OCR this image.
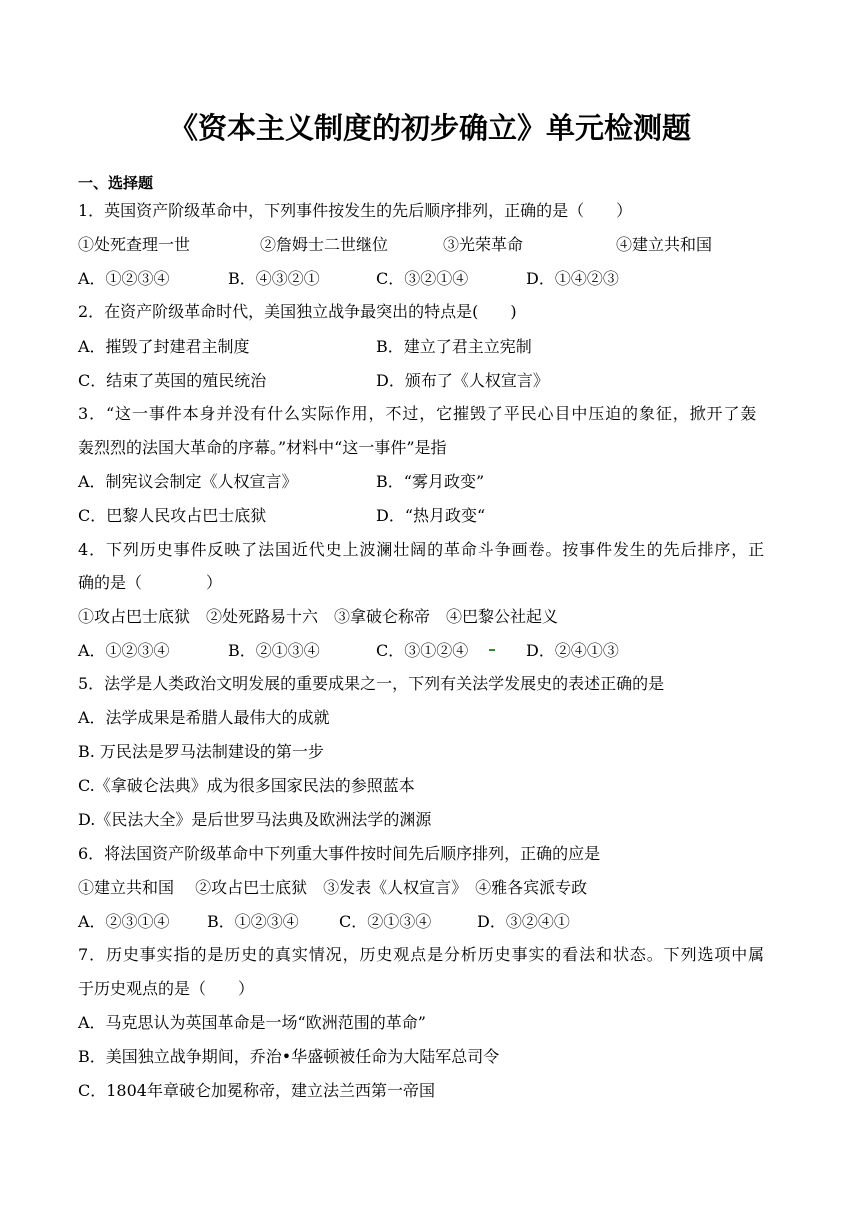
《资本主义制度的初步确立》单元检测题
一、选择题
1．英国资产阶级革命中，下列事件按发生的先后顺序排列，正确的是（　　）
①处死查理一世	②詹姆士二世继位	③光荣革命	④建立共和国
A．①②③④	B．④③②①	C．③②①④	D．①④②③
2．在资产阶级革命时代，美国独立战争最突出的特点是(　　)
A．摧毁了封建君主制度	B．建立了君主立宪制
C．结束了英国的殖民统治	D．颁布了《人权宣言》
3．“这一事件本身并没有什么实际作用，不过，它摧毁了平民心目中压迫的象征，掀开了轰
轰烈烈的法国大革命的序幕。”材料中“这一事件”是指
A．制宪议会制定《人权宣言》	B．“雾月政变”
C．巴黎人民攻占巴士底狱	D．“热月政变“
4．下列历史事件反映了法国近代史上波澜壮阔的革命斗争画卷。按事件发生的先后排序，正
确的是（　　　　）
①攻占巴士底狱　②处死路易十六　③拿破仑称帝　④巴黎公社起义
A．①②③④	B．②①③④	C．③①②④	D．②④①③
5．法学是人类政治文明发展的重要成果之一，下列有关法学发展史的表述正确的是
A．法学成果是希腊人最伟大的成就
B. 万民法是罗马法制建设的第一步
C.《拿破仑法典》成为很多国家民法的参照蓝本
D.《民法大全》是后世罗马法典及欧洲法学的渊源
6．将法国资产阶级革命中下列重大事件按时间先后顺序排列，正确的应是
①建立共和国　 ②攻占巴士底狱　③发表《人权宣言》　④雅各宾派专政
A．②③①④ B．①②③④	C．②①③④	D．③②④①
7．历史事实指的是历史的真实情况，历史观点是分析历史事实的看法和状态。下列选项中属
于历史观点的是（　　）
A．马克思认为英国革命是一场“欧洲范围的革命”
B．美国独立战争期间，乔治•华盛顿被任命为大陆军总司令
C．1804年章破仑加冕称帝，建立法兰西第一帝国
